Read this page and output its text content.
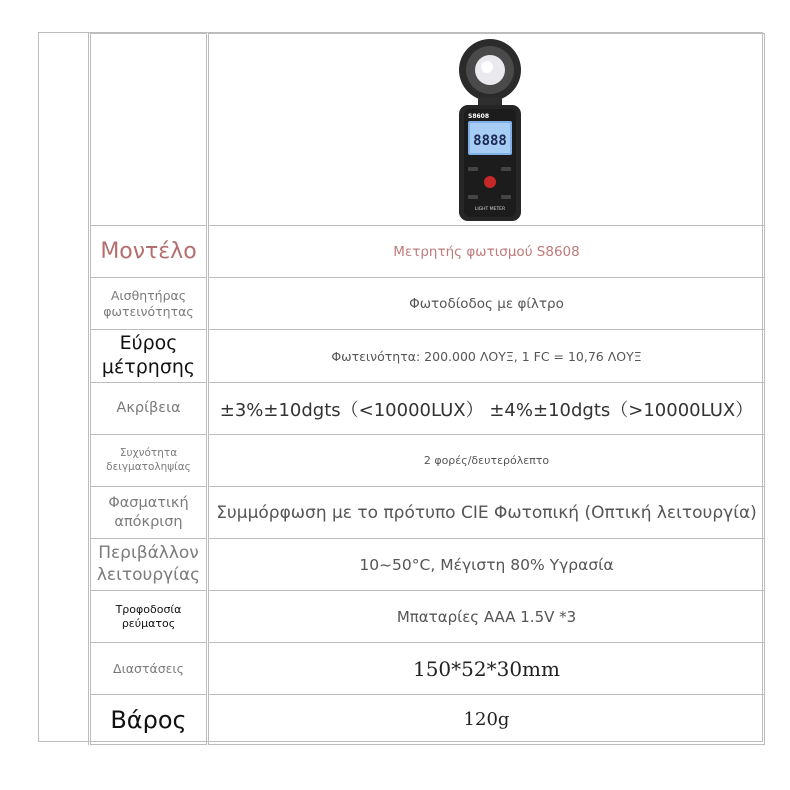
S8608
8888
LIGHT METER

Μοντέλο	Μετρητής φωτισμού S8608
Αισθητήρας φωτεινότητας	Φωτοδίοδος με φίλτρο
Εύρος μέτρησης	Φωτεινότητα: 200.000 ΛΟΥΞ, 1 FC = 10,76 ΛΟΥΞ
Ακρίβεια	±3%±10dgts（<10000LUX） ±4%±10dgts（>10000LUX）
Συχνότητα δειγματοληψίας	2 φορές/δευτερόλεπτο
Φασματική απόκριση	Συμμόρφωση με το πρότυπο CIE Φωτοπική (Οπτική λειτουργία)
Περιβάλλον λειτουργίας	10~50°C, Μέγιστη 80% Υγρασία
Τροφοδοσία ρεύματος	Μπαταρίες AAA 1.5V *3
Διαστάσεις	150*52*30mm
Βάρος	120g
